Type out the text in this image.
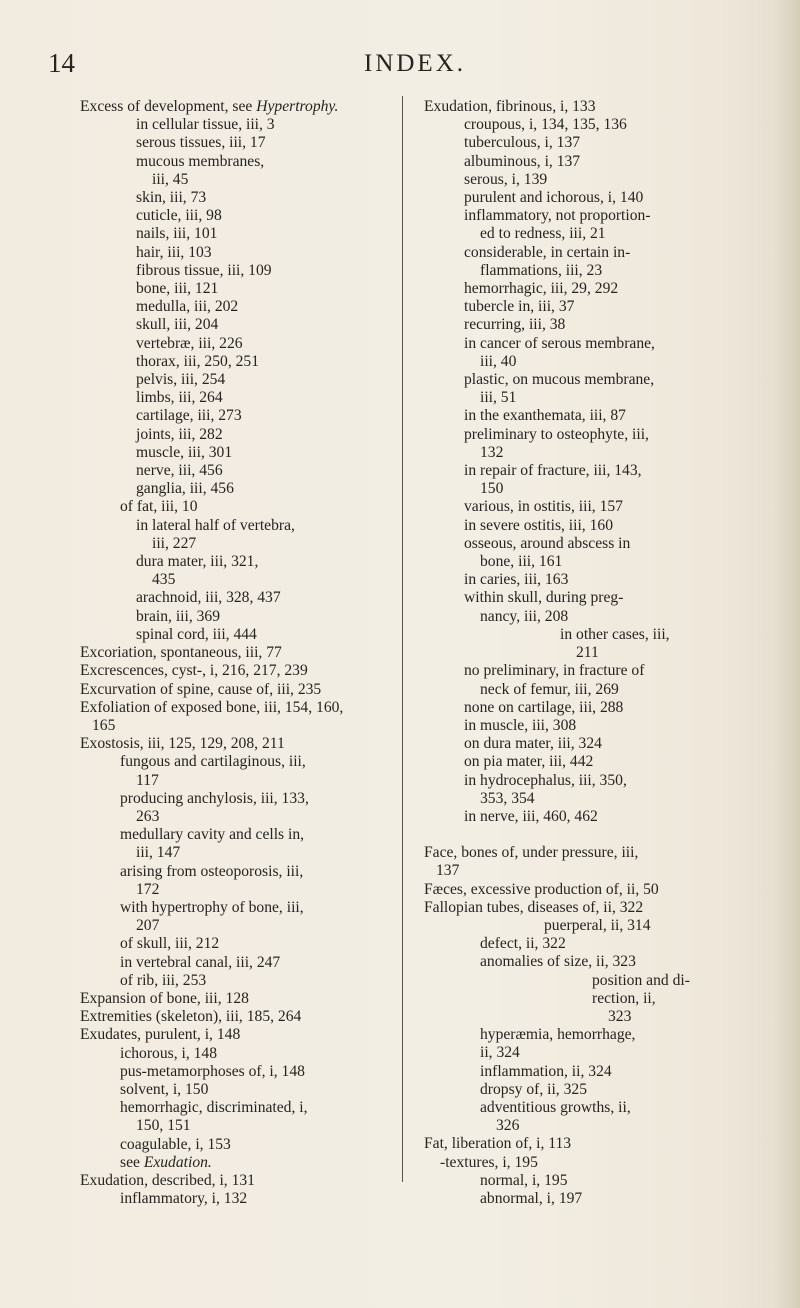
14	INDEX.
Excess of development, see Hypertrophy.
in cellular tissue, iii, 3
serous tissues, iii, 17
mucous membranes,
iii, 45
skin, iii, 73
cuticle, iii, 98
nails, iii, 101
hair, iii, 103
fibrous tissue, iii, 109
bone, iii, 121
medulla, iii, 202
skull, iii, 204
vertebræ, iii, 226
thorax, iii, 250, 251
pelvis, iii, 254
limbs, iii, 264
cartilage, iii, 273
joints, iii, 282
muscle, iii, 301
nerve, iii, 456
ganglia, iii, 456
of fat, iii, 10
in lateral half of vertebra,
iii, 227
dura mater, iii, 321,
435
arachnoid, iii, 328, 437
brain, iii, 369
spinal cord, iii, 444
Excoriation, spontaneous, iii, 77
Excrescences, cyst-, i, 216, 217, 239
Excurvation of spine, cause of, iii, 235
Exfoliation of exposed bone, iii, 154, 160,
165
Exostosis, iii, 125, 129, 208, 211
fungous and cartilaginous, iii,
117
producing anchylosis, iii, 133,
263
medullary cavity and cells in,
iii, 147
arising from osteoporosis, iii,
172
with hypertrophy of bone, iii,
207
of skull, iii, 212
in vertebral canal, iii, 247
of rib, iii, 253
Expansion of bone, iii, 128
Extremities (skeleton), iii, 185, 264
Exudates, purulent, i, 148
ichorous, i, 148
pus-metamorphoses of, i, 148
solvent, i, 150
hemorrhagic, discriminated, i,
150, 151
coagulable, i, 153
see Exudation.
Exudation, described, i, 131
inflammatory, i, 132
Exudation, fibrinous, i, 133
croupous, i, 134, 135, 136
tuberculous, i, 137
albuminous, i, 137
serous, i, 139
purulent and ichorous, i, 140
inflammatory, not proportion-
ed to redness, iii, 21
considerable, in certain in-
flammations, iii, 23
hemorrhagic, iii, 29, 292
tubercle in, iii, 37
recurring, iii, 38
in cancer of serous membrane,
iii, 40
plastic, on mucous membrane,
iii, 51
in the exanthemata, iii, 87
preliminary to osteophyte, iii,
132
in repair of fracture, iii, 143,
150
various, in ostitis, iii, 157
in severe ostitis, iii, 160
osseous, around abscess in
bone, iii, 161
in caries, iii, 163
within skull, during preg-
nancy, iii, 208
in other cases, iii,
211
no preliminary, in fracture of
neck of femur, iii, 269
none on cartilage, iii, 288
in muscle, iii, 308
on dura mater, iii, 324
on pia mater, iii, 442
in hydrocephalus, iii, 350,
353, 354
in nerve, iii, 460, 462
Face, bones of, under pressure, iii,
137
Fæces, excessive production of, ii, 50
Fallopian tubes, diseases of, ii, 322
puerperal, ii, 314
defect, ii, 322
anomalies of size, ii, 323
position and di-
rection, ii,
323
hyperæmia, hemorrhage,
ii, 324
inflammation, ii, 324
dropsy of, ii, 325
adventitious growths, ii,
326
Fat, liberation of, i, 113
-textures, i, 195
normal, i, 195
abnormal, i, 197
